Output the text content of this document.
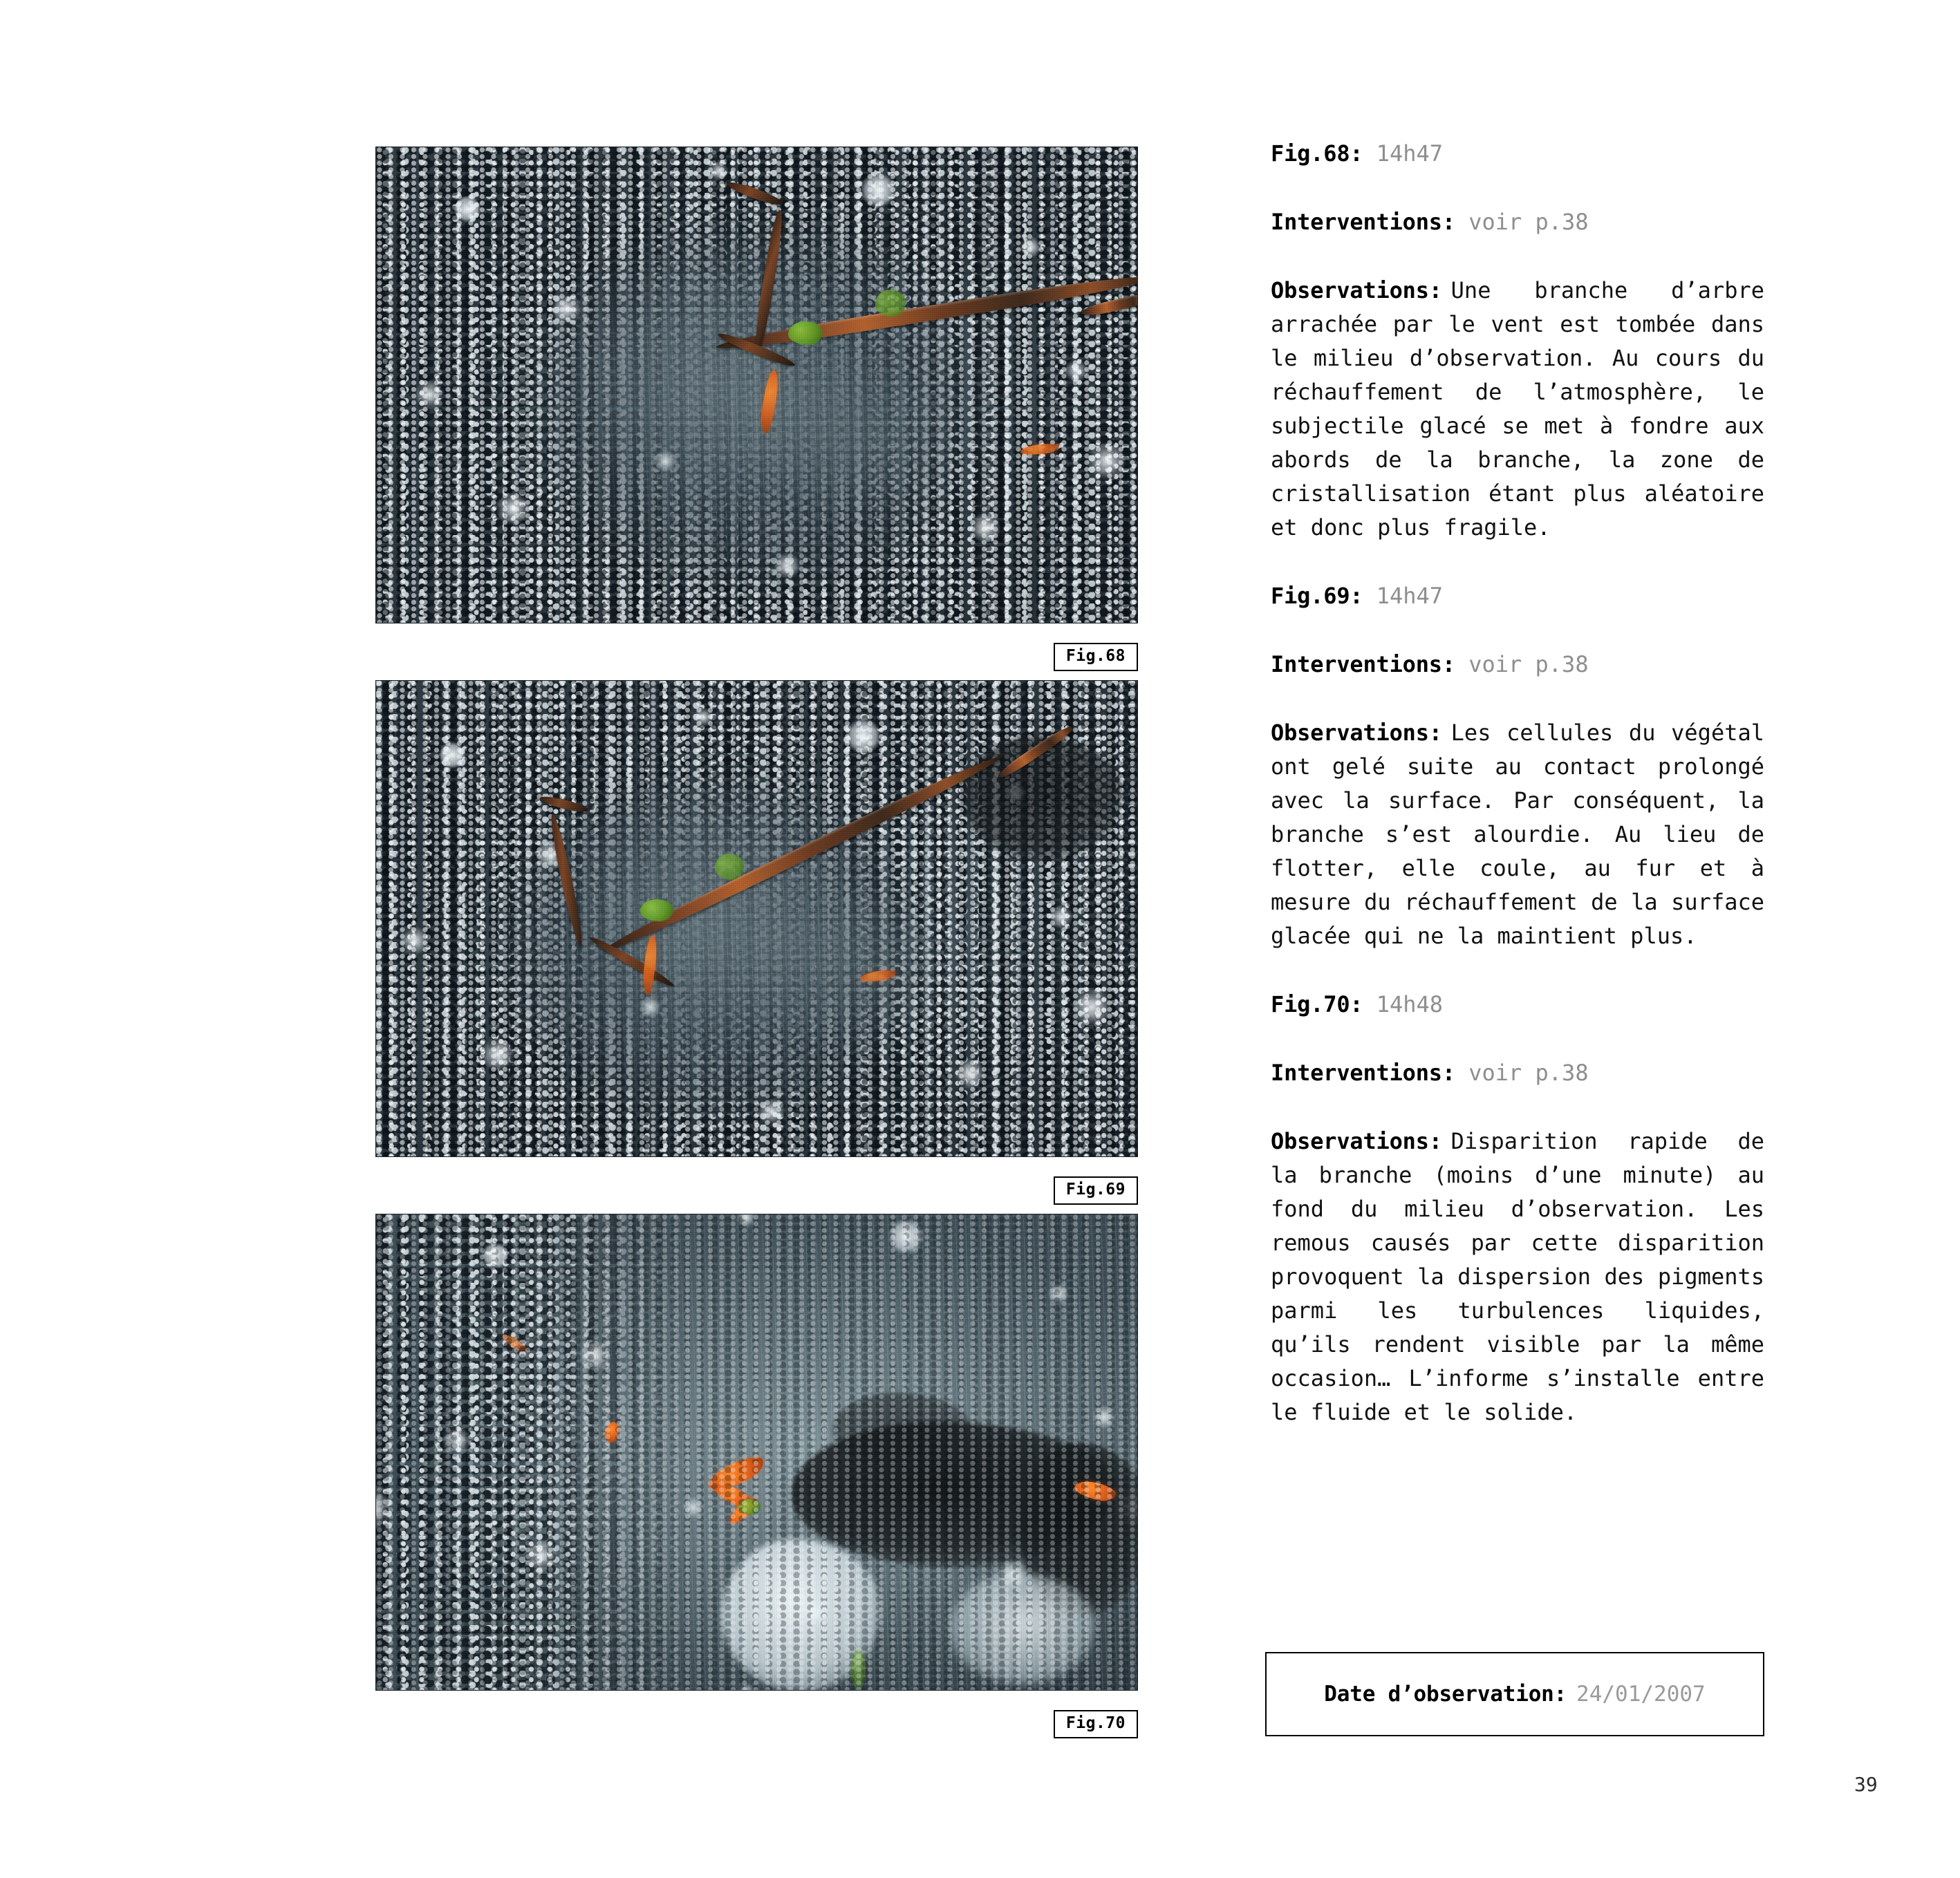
Fig.68
Fig.69
Fig.70

Fig.68: 14h47

Interventions: voir p.38

Observations: Une branche d’arbre arrachée par le vent est tombée dans le milieu d’observation. Au cours du réchauffement de l’atmosphère, le subjectile glacé se met à fondre aux abords de la branche, la zone de cristallisation étant plus aléatoire et donc plus fragile.

Fig.69: 14h47

Interventions: voir p.38

Observations: Les cellules du végétal ont gelé suite au contact prolongé avec la surface. Par conséquent, la branche s’est alourdie. Au lieu de flotter, elle coule, au fur et à mesure du réchauffement de la surface glacée qui ne la maintient plus.

Fig.70: 14h48

Interventions: voir p.38

Observations: Disparition rapide de la branche (moins d’une minute) au fond du milieu d’observation. Les remous causés par cette disparition provoquent la dispersion des pigments parmi les turbulences liquides, qu’ils rendent visible par la même occasion… L’informe s’installe entre le fluide et le solide.

Date d’observation: 24/01/2007
39
